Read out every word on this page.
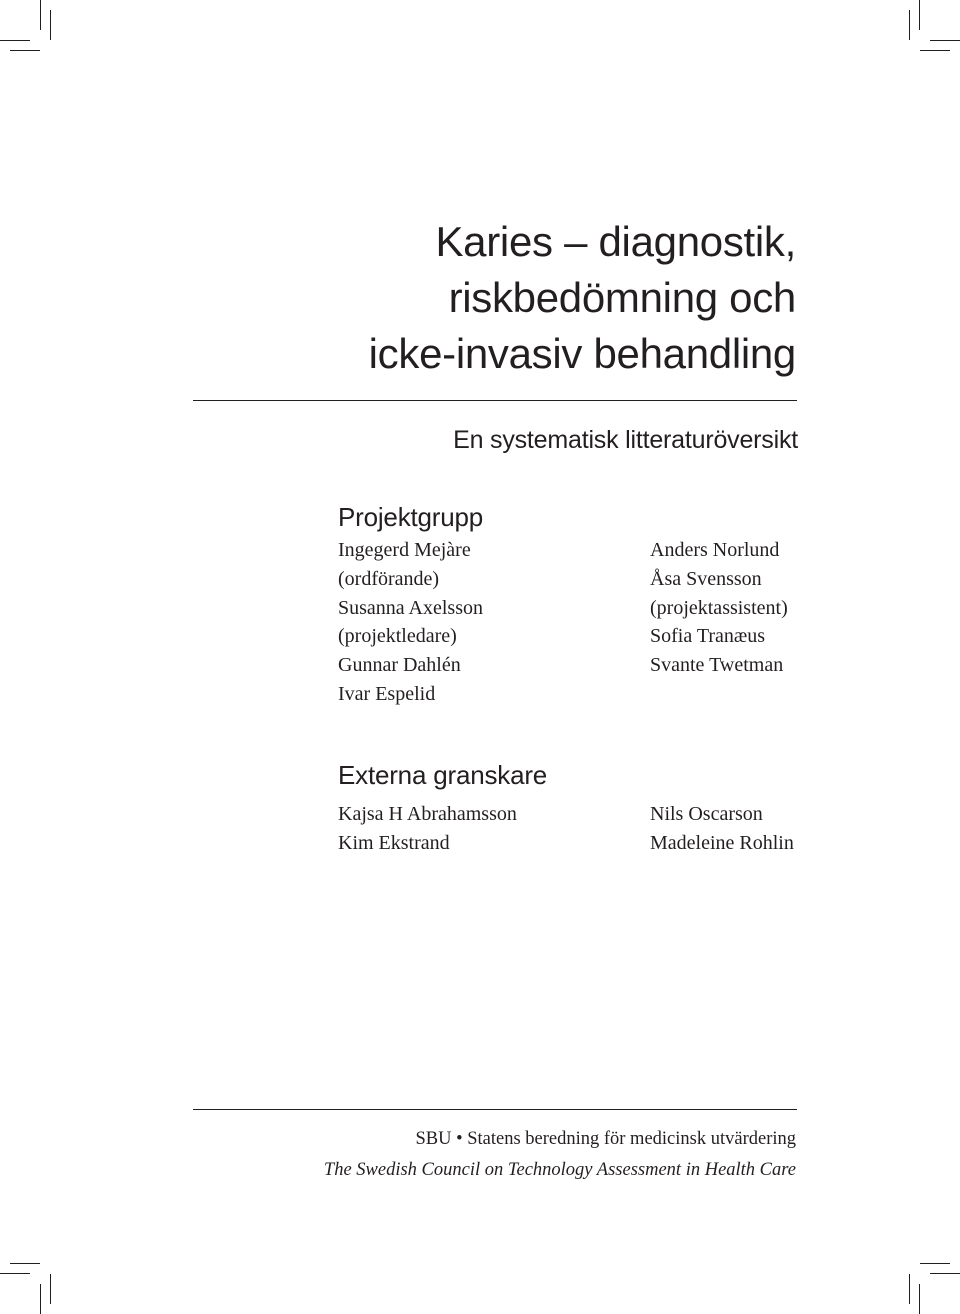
Karies – diagnostik,
riskbedömning och
icke-invasiv behandling
En systematisk litteraturöversikt
Projektgrupp
Ingegerd Mejàre
(ordförande)
Susanna Axelsson
(projektledare)
Gunnar Dahlén
Ivar Espelid
Anders Norlund
Åsa Svensson
(projektassistent)
Sofia Tranæus
Svante Twetman
Externa granskare
Kajsa H Abrahamsson
Kim Ekstrand
Nils Oscarson
Madeleine Rohlin
SBU • Statens beredning för medicinsk utvärdering
The Swedish Council on Technology Assessment in Health Care
